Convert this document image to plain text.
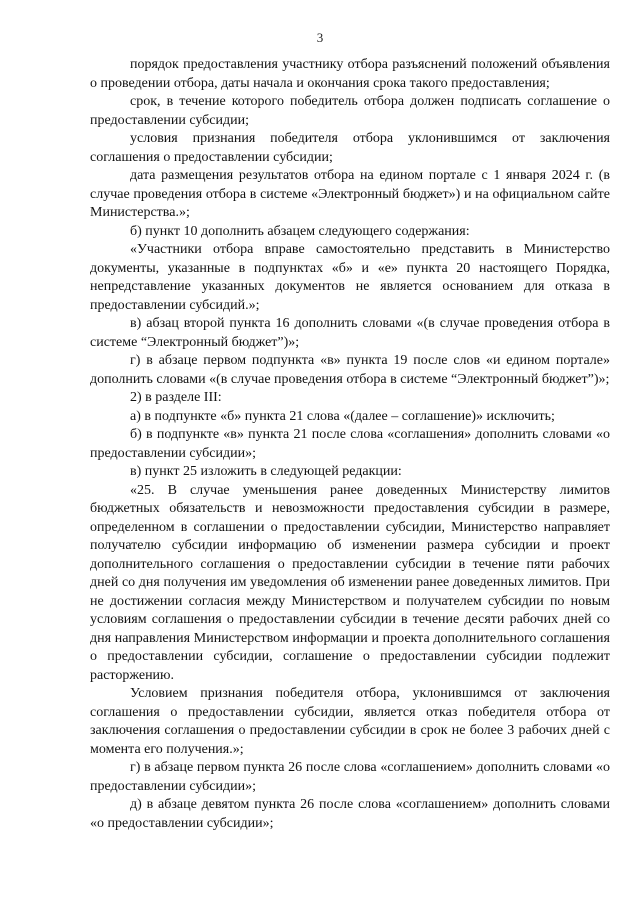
3

порядок предоставления участнику отбора разъяснений положений объявления о проведении отбора, даты начала и окончания срока такого предоставления;

срок, в течение которого победитель отбора должен подписать соглашение о предоставлении субсидии;

условия признания победителя отбора уклонившимся от заключения соглашения о предоставлении субсидии;

дата размещения результатов отбора на едином портале с 1 января 2024 г. (в случае проведения отбора в системе «Электронный бюджет») и на официальном сайте Министерства.»;

б) пункт 10 дополнить абзацем следующего содержания:

«Участники отбора вправе самостоятельно представить в Министерство документы, указанные в подпунктах «б» и «е» пункта 20 настоящего Порядка, непредставление указанных документов не является основанием для отказа в предоставлении субсидий.»;

в) абзац второй пункта 16 дополнить словами «(в случае проведения отбора в системе “Электронный бюджет”)»;

г) в абзаце первом подпункта «в» пункта 19 после слов «и едином портале» дополнить словами «(в случае проведения отбора в системе “Электронный бюджет”)»;

2) в разделе III:

а) в подпункте «б» пункта 21 слова «(далее – соглашение)» исключить;

б) в подпункте «в» пункта 21 после слова «соглашения» дополнить словами «о предоставлении субсидии»;

в) пункт 25 изложить в следующей редакции:

«25. В случае уменьшения ранее доведенных Министерству лимитов бюджетных обязательств и невозможности предоставления субсидии в размере, определенном в соглашении о предоставлении субсидии, Министерство направляет получателю субсидии информацию об изменении размера субсидии и проект дополнительного соглашения о предоставлении субсидии в течение пяти рабочих дней со дня получения им уведомления об изменении ранее доведенных лимитов. При не достижении согласия между Министерством и получателем субсидии по новым условиям соглашения о предоставлении субсидии в течение десяти рабочих дней со дня направления Министерством информации и проекта дополнительного соглашения о предоставлении субсидии, соглашение о предоставлении субсидии подлежит расторжению.

Условием признания победителя отбора, уклонившимся от заключения соглашения о предоставлении субсидии, является отказ победителя отбора от заключения соглашения о предоставлении субсидии в срок не более 3 рабочих дней с момента его получения.»;

г) в абзаце первом пункта 26 после слова «соглашением» дополнить словами «о предоставлении субсидии»;

д) в абзаце девятом пункта 26 после слова «соглашением» дополнить словами «о предоставлении субсидии»;
